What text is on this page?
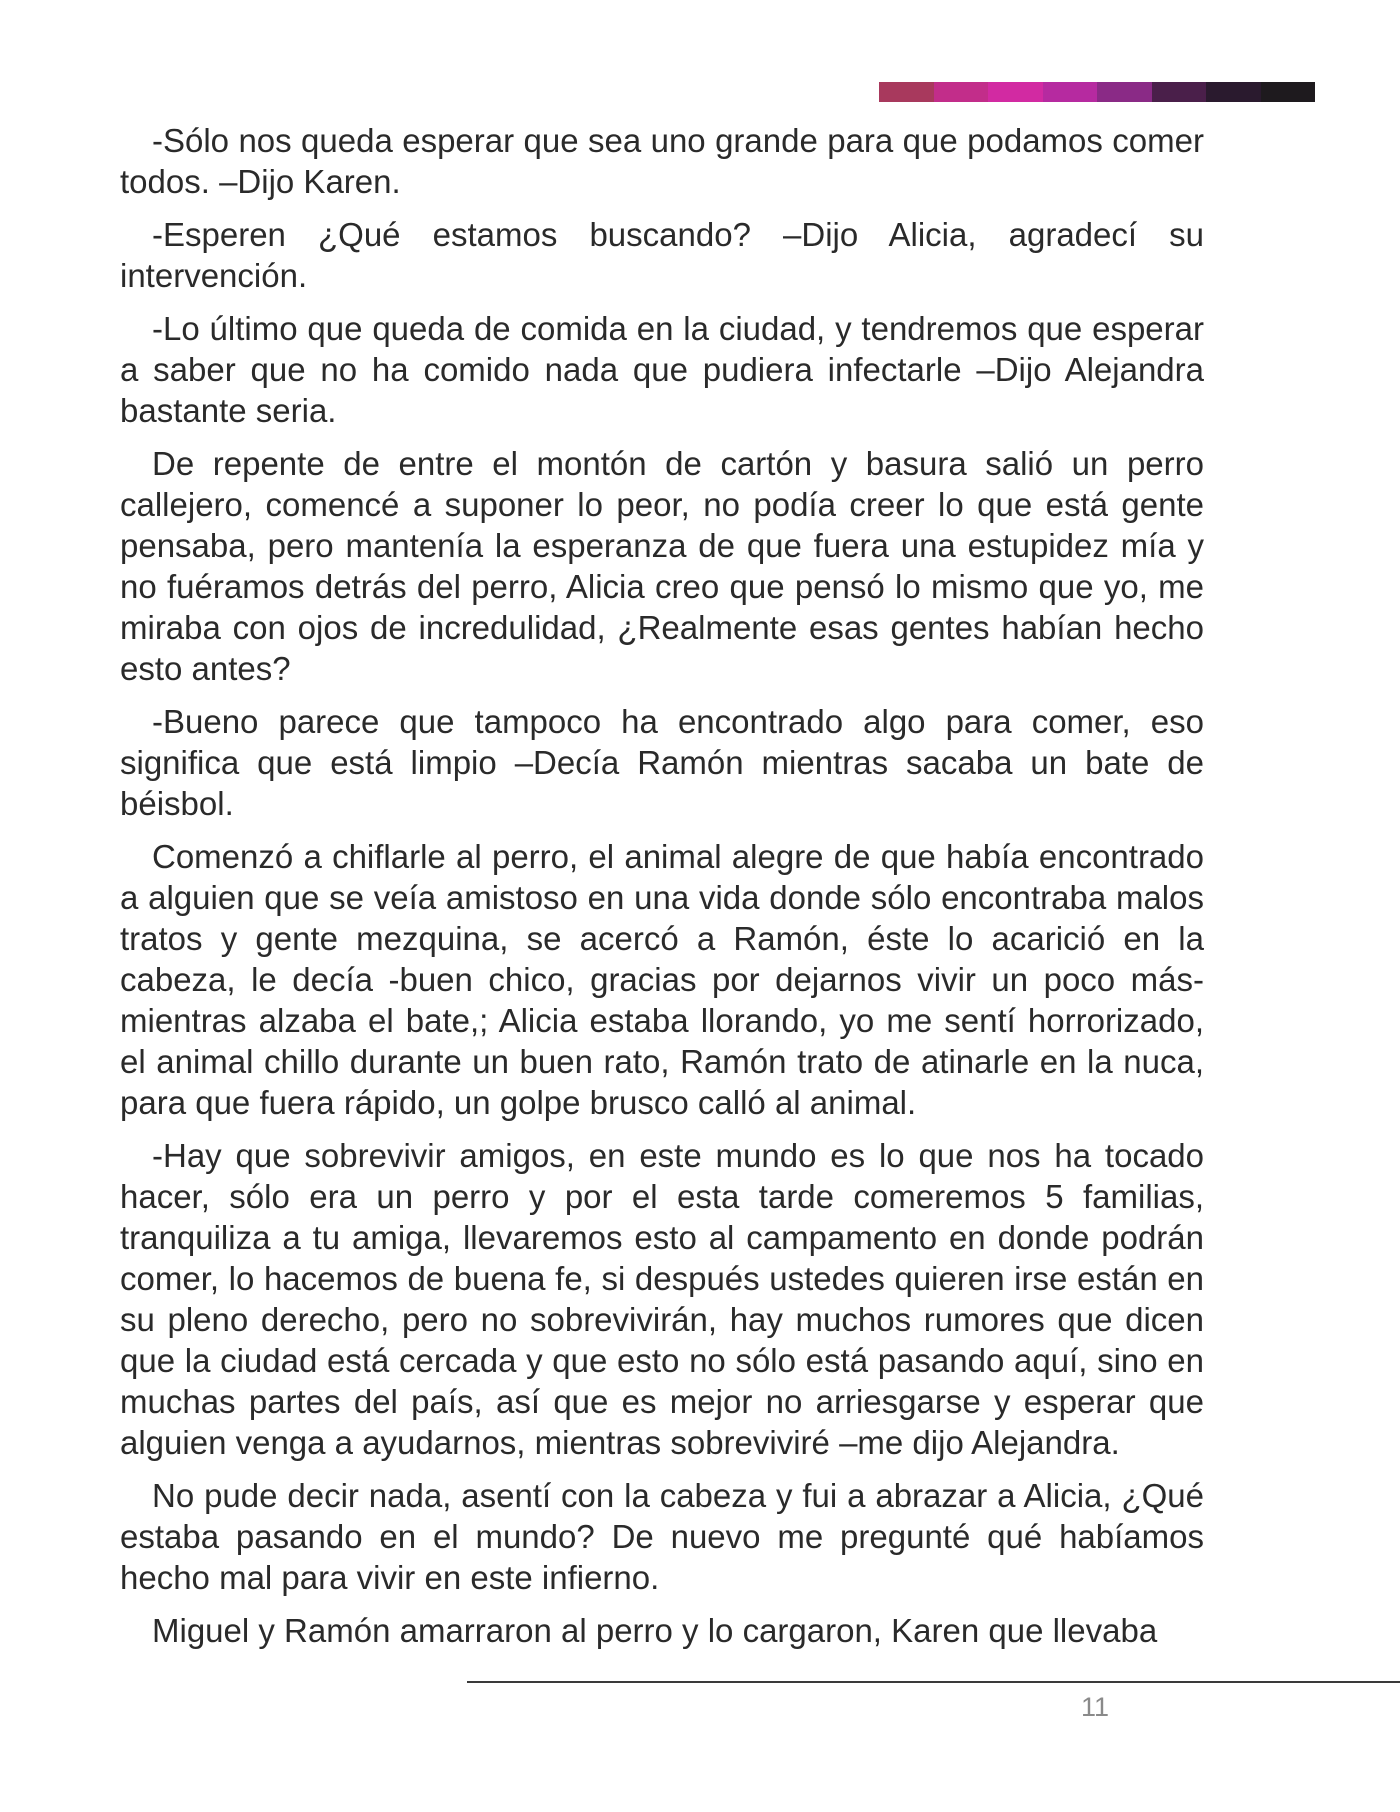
-Sólo nos queda esperar que sea uno grande para que podamos comer todos. –Dijo Karen.

-Esperen ¿Qué estamos buscando? –Dijo Alicia, agradecí su intervención.

-Lo último que queda de comida en la ciudad, y tendremos que esperar a saber que no ha comido nada que pudiera infectarle –Dijo Alejandra bastante seria.

De repente de entre el montón de cartón y basura salió un perro callejero, comencé a suponer lo peor, no podía creer lo que está gente pensaba, pero mantenía la esperanza de que fuera una estupidez mía y no fuéramos detrás del perro, Alicia creo que pensó lo mismo que yo, me miraba con ojos de incredulidad, ¿Realmente esas gentes habían hecho esto antes?

-Bueno parece que tampoco ha encontrado algo para comer, eso significa que está limpio –Decía Ramón mientras sacaba un bate de béisbol.

Comenzó a chiflarle al perro, el animal alegre de que había encontrado a alguien que se veía amistoso en una vida donde sólo encontraba malos tratos y gente mezquina, se acercó a Ramón, éste lo acarició en la cabeza, le decía -buen chico, gracias por dejarnos vivir un poco más- mientras alzaba el bate,; Alicia estaba llorando, yo me sentí horrorizado, el animal chillo durante un buen rato, Ramón trato de atinarle en la nuca, para que fuera rápido, un golpe brusco calló al animal.

-Hay que sobrevivir amigos, en este mundo es lo que nos ha tocado hacer, sólo era un perro y por el esta tarde comeremos 5 familias, tranquiliza a tu amiga, llevaremos esto al campamento en donde podrán comer, lo hacemos de buena fe, si después ustedes quieren irse están en su pleno derecho, pero no sobrevivirán, hay muchos rumores que dicen que la ciudad está cercada y que esto no sólo está pasando aquí, sino en muchas partes del país, así que es mejor no arriesgarse y esperar que alguien venga a ayudarnos, mientras sobreviviré –me dijo Alejandra.

No pude decir nada, asentí con la cabeza y fui a abrazar a Alicia, ¿Qué estaba pasando en el mundo? De nuevo me pregunté qué habíamos hecho mal para vivir en este infierno.

Miguel y Ramón amarraron al perro y lo cargaron, Karen que llevaba

11
